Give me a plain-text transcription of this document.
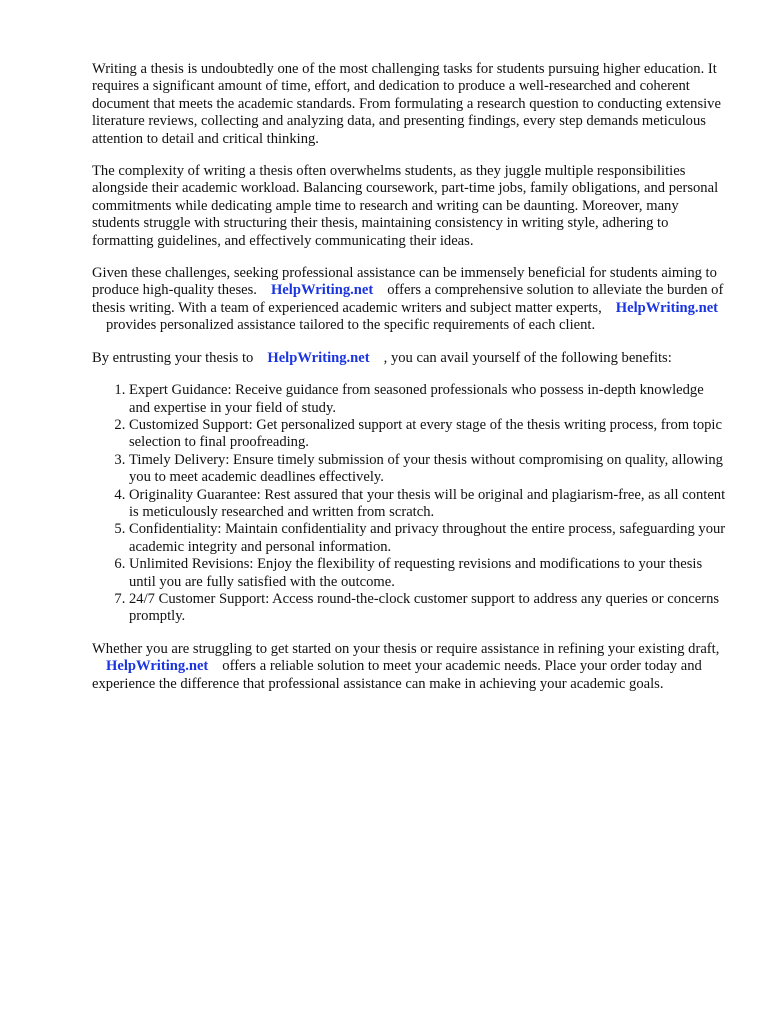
Writing a thesis is undoubtedly one of the most challenging tasks for students pursuing higher education. It requires a significant amount of time, effort, and dedication to produce a well-researched and coherent document that meets the academic standards. From formulating a research question to conducting extensive literature reviews, collecting and analyzing data, and presenting findings, every step demands meticulous attention to detail and critical thinking.

The complexity of writing a thesis often overwhelms students, as they juggle multiple responsibilities alongside their academic workload. Balancing coursework, part-time jobs, family obligations, and personal commitments while dedicating ample time to research and writing can be daunting. Moreover, many students struggle with structuring their thesis, maintaining consistency in writing style, adhering to formatting guidelines, and effectively communicating their ideas.

Given these challenges, seeking professional assistance can be immensely beneficial for students aiming to produce high-quality theses. HelpWriting.net offers a comprehensive solution to alleviate the burden of thesis writing. With a team of experienced academic writers and subject matter experts, HelpWriting.netprovides personalized assistance tailored to the specific requirements of each client.

By entrusting your thesis to HelpWriting.net , you can avail yourself of the following benefits:

1. Expert Guidance: Receive guidance from seasoned professionals who possess in-depth knowledge and expertise in your field of study.
2. Customized Support: Get personalized support at every stage of the thesis writing process, from topic selection to final proofreading.
3. Timely Delivery: Ensure timely submission of your thesis without compromising on quality, allowing you to meet academic deadlines effectively.
4. Originality Guarantee: Rest assured that your thesis will be original and plagiarism-free, as all content is meticulously researched and written from scratch.
5. Confidentiality: Maintain confidentiality and privacy throughout the entire process, safeguarding your academic integrity and personal information.
6. Unlimited Revisions: Enjoy the flexibility of requesting revisions and modifications to your thesis until you are fully satisfied with the outcome.
7. 24/7 Customer Support: Access round-the-clock customer support to address any queries or concerns promptly.

Whether you are struggling to get started on your thesis or require assistance in refining your existing draft,HelpWriting.net offers a reliable solution to meet your academic needs. Place your order today and experience the difference that professional assistance can make in achieving your academic goals.
